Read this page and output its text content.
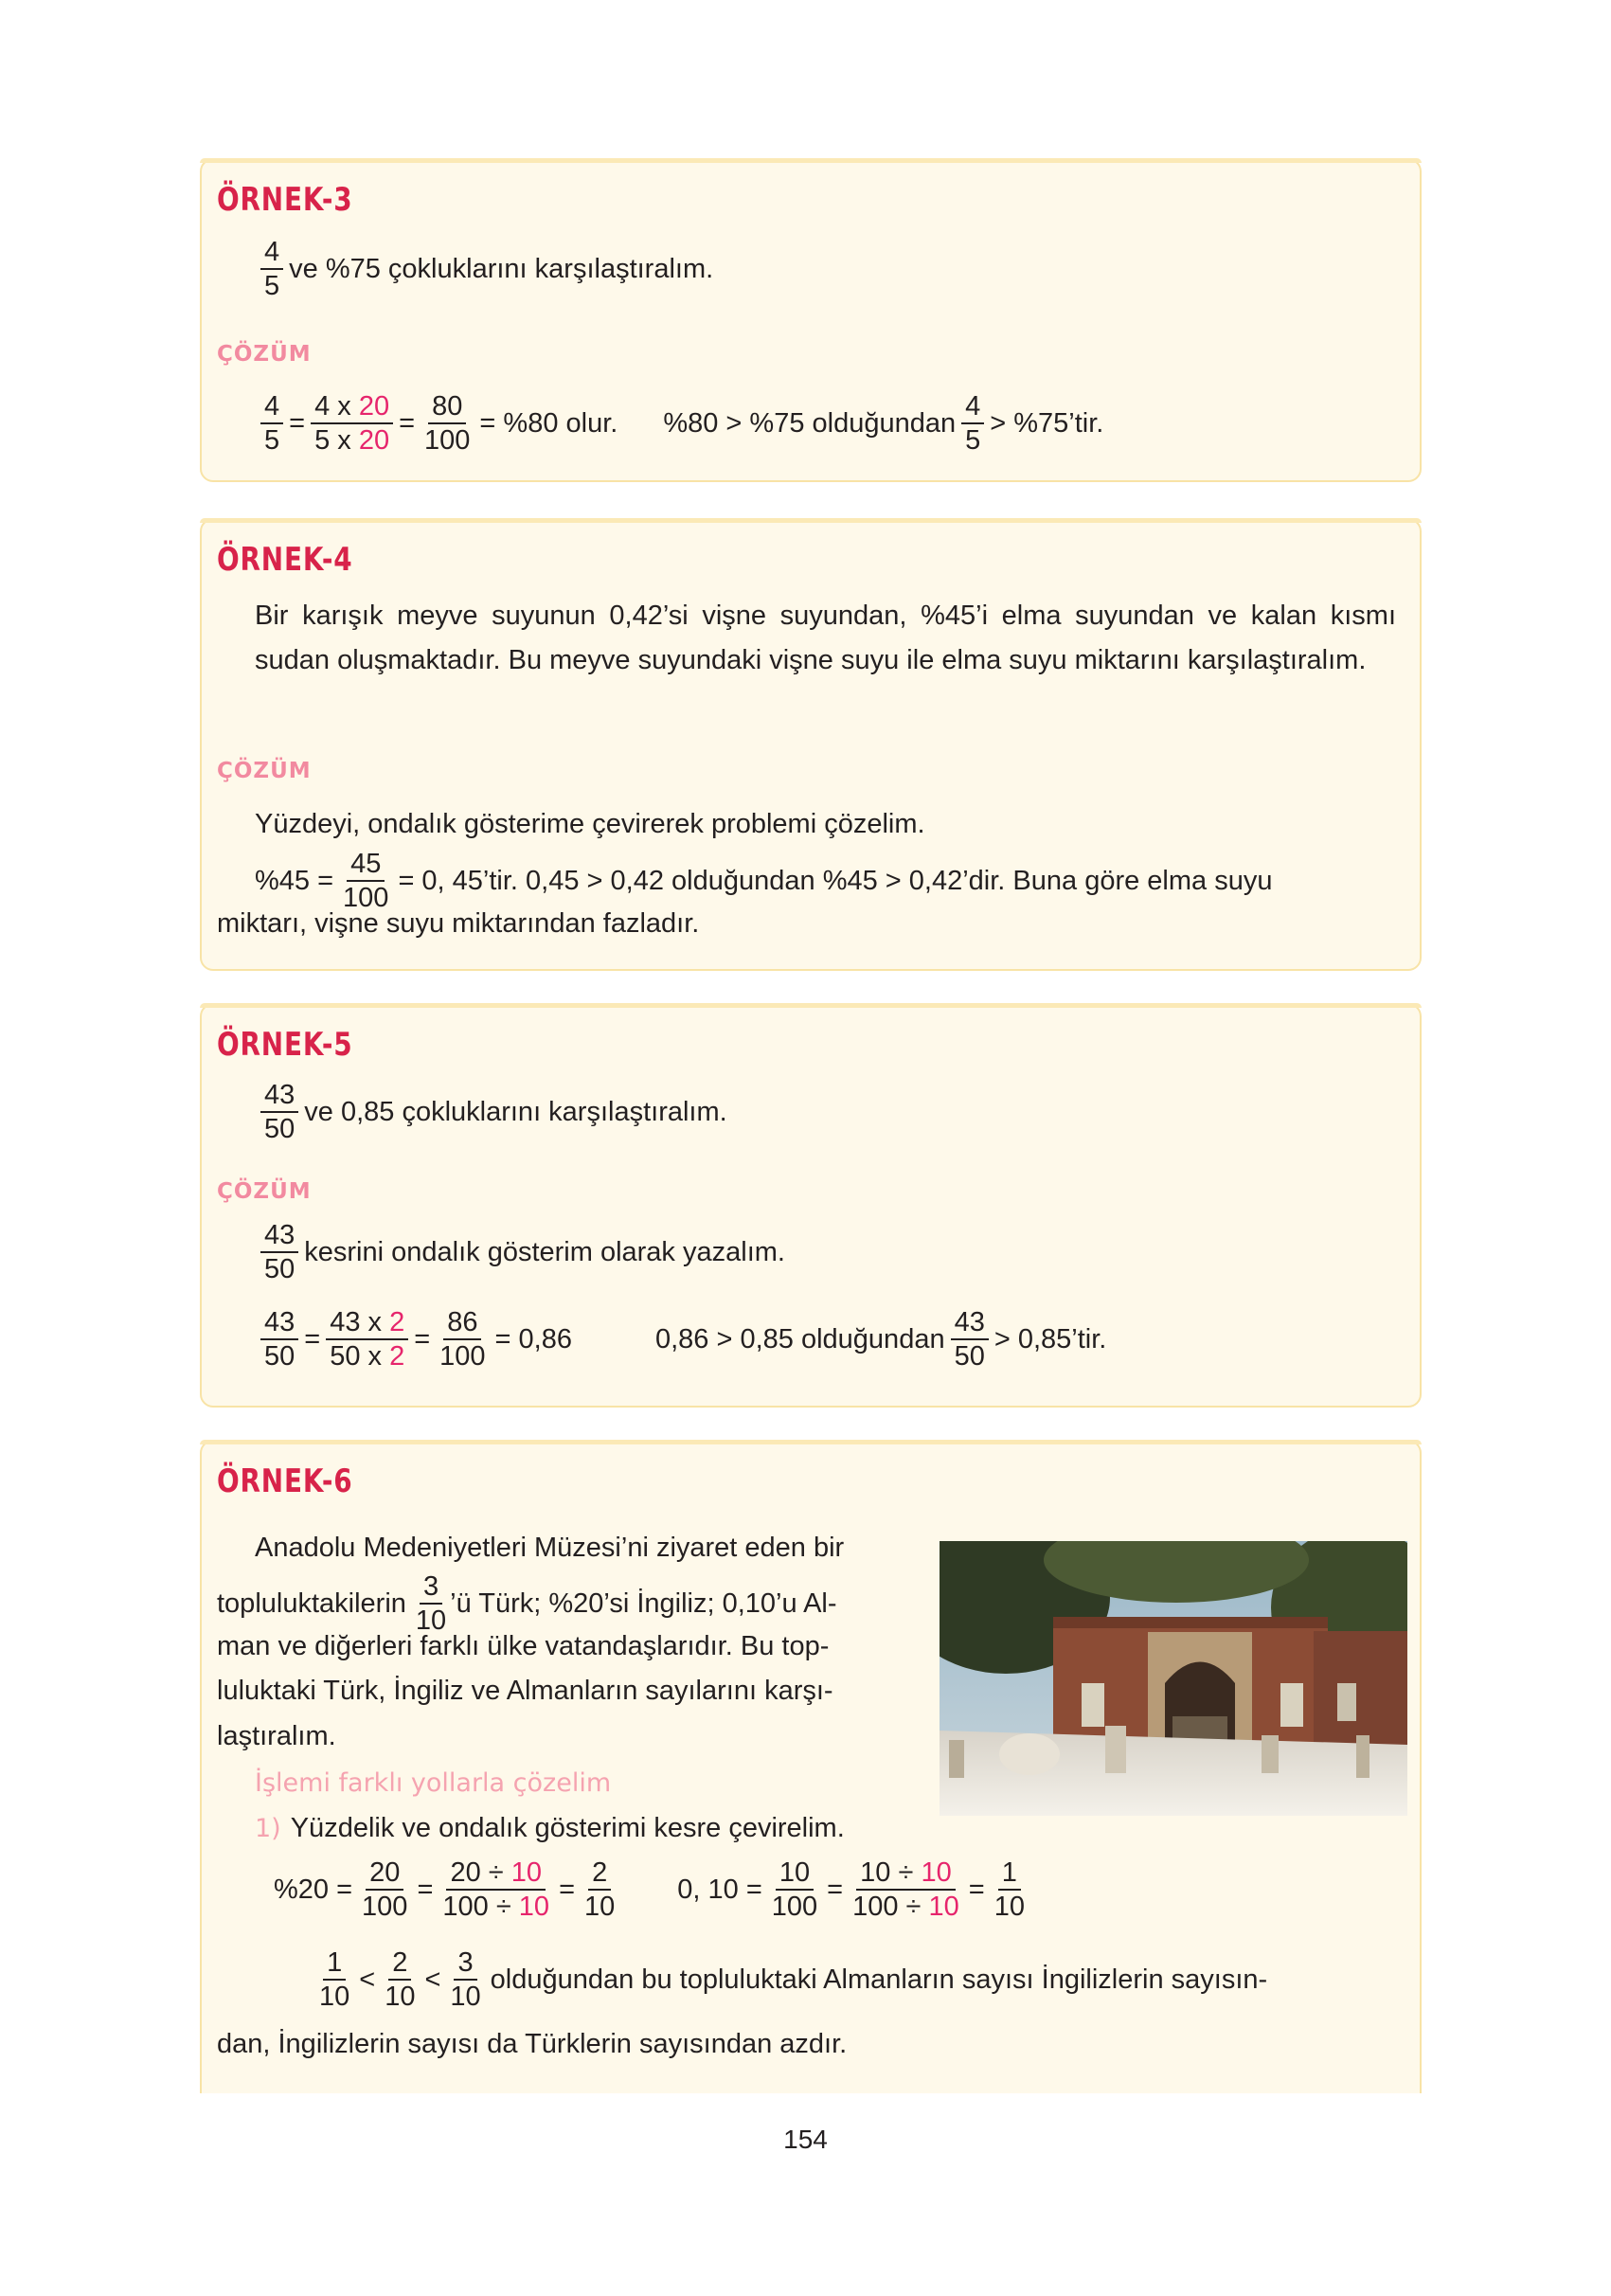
ÖRNEK-3
$\frac{4}{5}$ ve %75 çokluklarını karşılaştıralım.
ÇÖZÜM
$\frac{4}{5} = \frac{4 x 20}{5 x 20} = \frac{80}{100} = \%80$ olur. %80 > %75 olduğundan $\frac{4}{5}$ > %75’tir.
ÖRNEK-4
Bir karışık meyve suyunun 0,42’si vişne suyundan, %45’i elma suyundan ve kalan kısmı sudan oluşmaktadır. Bu meyve suyundaki vişne suyu ile elma suyu miktarını karşılaştıralım.
ÇÖZÜM
Yüzdeyi, ondalık gösterime çevirerek problemi çözelim.
$\%45 = \frac{45}{100} = 0$, 45’tir. 0,45 > 0,42 olduğundan %45 > 0,42’dir. Buna göre elma suyu
miktarı, vişne suyu miktarından fazladır.
ÖRNEK-5
$\frac{43}{50}$ ve 0,85 çokluklarını karşılaştıralım.
ÇÖZÜM
$\frac{43}{50}$ kesrini ondalık gösterim olarak yazalım.
$\frac{43}{50} = \frac{43 x 2}{50 x 2} = \frac{86}{100} = 0,86$	0,86 > 0,85 olduğundan $\frac{43}{50}$ > 0,85’tir.
ÖRNEK-6
Anadolu Medeniyetleri Müzesi’ni ziyaret eden bir
topluluktakilerin $\frac{3}{10}$ ’ü Türk; %20’si İngiliz; 0,10’u Al-
man ve diğerleri farklı ülke vatandaşlarıdır. Bu top-
luluktaki Türk, İngiliz ve Almanların sayılarını karşı-
laştıralım.
İşlemi farklı yollarla çözelim
1) Yüzdelik ve ondalık gösterimi kesre çevirelim.
$\%20 = \frac{20}{100} = \frac{20 \div 10}{100 \div 10} = \frac{2}{10} 0$, $10 = \frac{10}{100} = \frac{10 \div 10}{100 \div 10} = \frac{1}{10}$
$\frac{1}{10} < \frac{2}{10} < \frac{3}{10}$ olduğundan bu topluluktaki Almanların sayısı İngilizlerin sayısın-
dan, İngilizlerin sayısı da Türklerin sayısından azdır.
154
